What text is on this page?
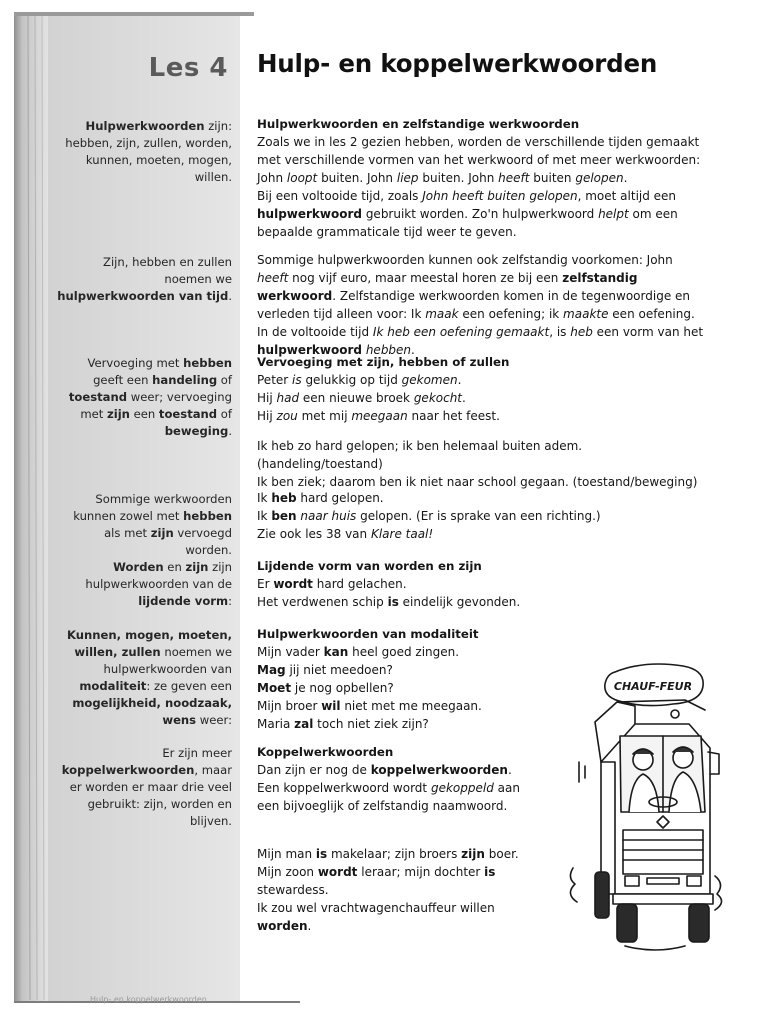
Les 4 Hulp- en koppelwerkwoorden
Hulpwerkwoorden zijn: hebben, zijn, zullen, worden, kunnen, moeten, mogen, willen.
Zijn, hebben en zullen noemen we hulpwerkwoorden van tijd.
Vervoeging met hebben geeft een handeling of toestand weer; vervoeging met zijn een toestand of beweging.
Sommige werkwoorden kunnen zowel met hebben als met zijn vervoegd worden.
Worden en zijn zijn hulpwerkwoorden van de lijdende vorm:
Kunnen, mogen, moeten, willen, zullen noemen we hulpwerkwoorden van modaliteit: ze geven een mogelijkheid, noodzaak, wens weer:
Er zijn meer koppelwerkwoorden, maar er worden er maar drie veel gebruikt: zijn, worden en blijven.

Hulpwerkwoorden en zelfstandige werkwoorden

Zoals we in les 2 gezien hebben, worden de verschillende tijden gemaakt met verschillende vormen van het werkwoord of met meer werkwoorden: John loopt buiten. John liep buiten. John heeft buiten gelopen.

Bij een voltooide tijd, zoals John heeft buiten gelopen, moet altijd een hulpwerkwoord gebruikt worden. Zo'n hulpwerkwoord helpt om een bepaalde grammaticale tijd weer te geven.

Sommige hulpwerkwoorden kunnen ook zelfstandig voorkomen: John heeft nog vijf euro, maar meestal horen ze bij een zelfstandig werkwoord. Zelfstandige werkwoorden komen in de tegenwoordige en verleden tijd alleen voor: Ik maak een oefening; ik maakte een oefening. In de voltooide tijd Ik heb een oefening gemaakt, is heb een vorm van het hulpwerkwoord hebben.

Vervoeging met zijn, hebben of zullen

Peter is gelukkig op tijd gekomen.

Hij had een nieuwe broek gekocht.

Hij zou met mij meegaan naar het feest.

Ik heb zo hard gelopen; ik ben helemaal buiten adem. (handeling/toestand)

Ik ben ziek; daarom ben ik niet naar school gegaan. (toestand/beweging)

Ik heb hard gelopen.

Ik ben naar huis gelopen. (Er is sprake van een richting.)

Zie ook les 38 van Klare taal!

Lijdende vorm van worden en zijn

Er wordt hard gelachen.

Het verdwenen schip is eindelijk gevonden.

Hulpwerkwoorden van modaliteit

Mijn vader kan heel goed zingen.

Mag jij niet meedoen?

Moet je nog opbellen?

Mijn broer wil niet met me meegaan.

Maria zal toch niet ziek zijn?

Koppelwerkwoorden

Dan zijn er nog de koppelwerkwoorden. Een koppelwerkwoord wordt gekoppeld aan een bijvoeglijk of zelfstandig naamwoord.

Mijn man is makelaar; zijn broers zijn boer.

Mijn zoon wordt leraar; mijn dochter is stewardess.

Ik zou wel vrachtwagenchauffeur willen worden.

CHAUF-FEUR
Hulp- en koppelwerkwoorden
